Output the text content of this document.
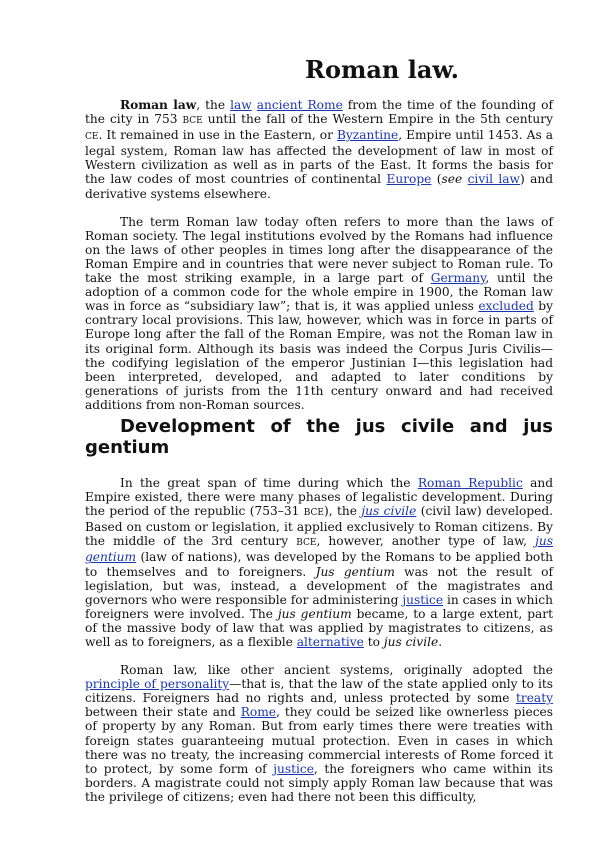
Roman law.

Roman law, the law ancient Rome from the time of the founding of the city in 753 BCE until the fall of the Western Empire in the 5th century CE. It remained in use in the Eastern, or Byzantine, Empire until 1453. As a legal system, Roman law has affected the development of law in most of Western civilization as well as in parts of the East. It forms the basis for the law codes of most countries of continental Europe (see civil law) and derivative systems elsewhere.

The term Roman law today often refers to more than the laws of Roman society. The legal institutions evolved by the Romans had influence on the laws of other peoples in times long after the disappearance of the Roman Empire and in countries that were never subject to Roman rule. To take the most striking example, in a large part of Germany, until the adoption of a common code for the whole empire in 1900, the Roman law was in force as “subsidiary law”; that is, it was applied unless excluded by contrary local provisions. This law, however, which was in force in parts of Europe long after the fall of the Roman Empire, was not the Roman law in its original form. Although its basis was indeed the Corpus Juris Civilis—the codifying legislation of the emperor Justinian I—this legislation had been interpreted, developed, and adapted to later conditions by generations of jurists from the 11th century onward and had received additions from non-Roman sources.

Development of the jus civile and jus gentium

In the great span of time during which the Roman Republic and Empire existed, there were many phases of legalistic development. During the period of the republic (753–31 BCE), the jus civile (civil law) developed. Based on custom or legislation, it applied exclusively to Roman citizens. By the middle of the 3rd century BCE, however, another type of law, jus gentium (law of nations), was developed by the Romans to be applied both to themselves and to foreigners. Jus gentium was not the result of legislation, but was, instead, a development of the magistrates and governors who were responsible for administering justice in cases in which foreigners were involved. The jus gentium became, to a large extent, part of the massive body of law that was applied by magistrates to citizens, as well as to foreigners, as a flexible alternative to jus civile.

Roman law, like other ancient systems, originally adopted the principle of personality—that is, that the law of the state applied only to its citizens. Foreigners had no rights and, unless protected by some treaty between their state and Rome, they could be seized like ownerless pieces of property by any Roman. But from early times there were treaties with foreign states guaranteeing mutual protection. Even in cases in which there was no treaty, the increasing commercial interests of Rome forced it to protect, by some form of justice, the foreigners who came within its borders. A magistrate could not simply apply Roman law because that was the privilege of citizens; even had there not been this difficulty,
